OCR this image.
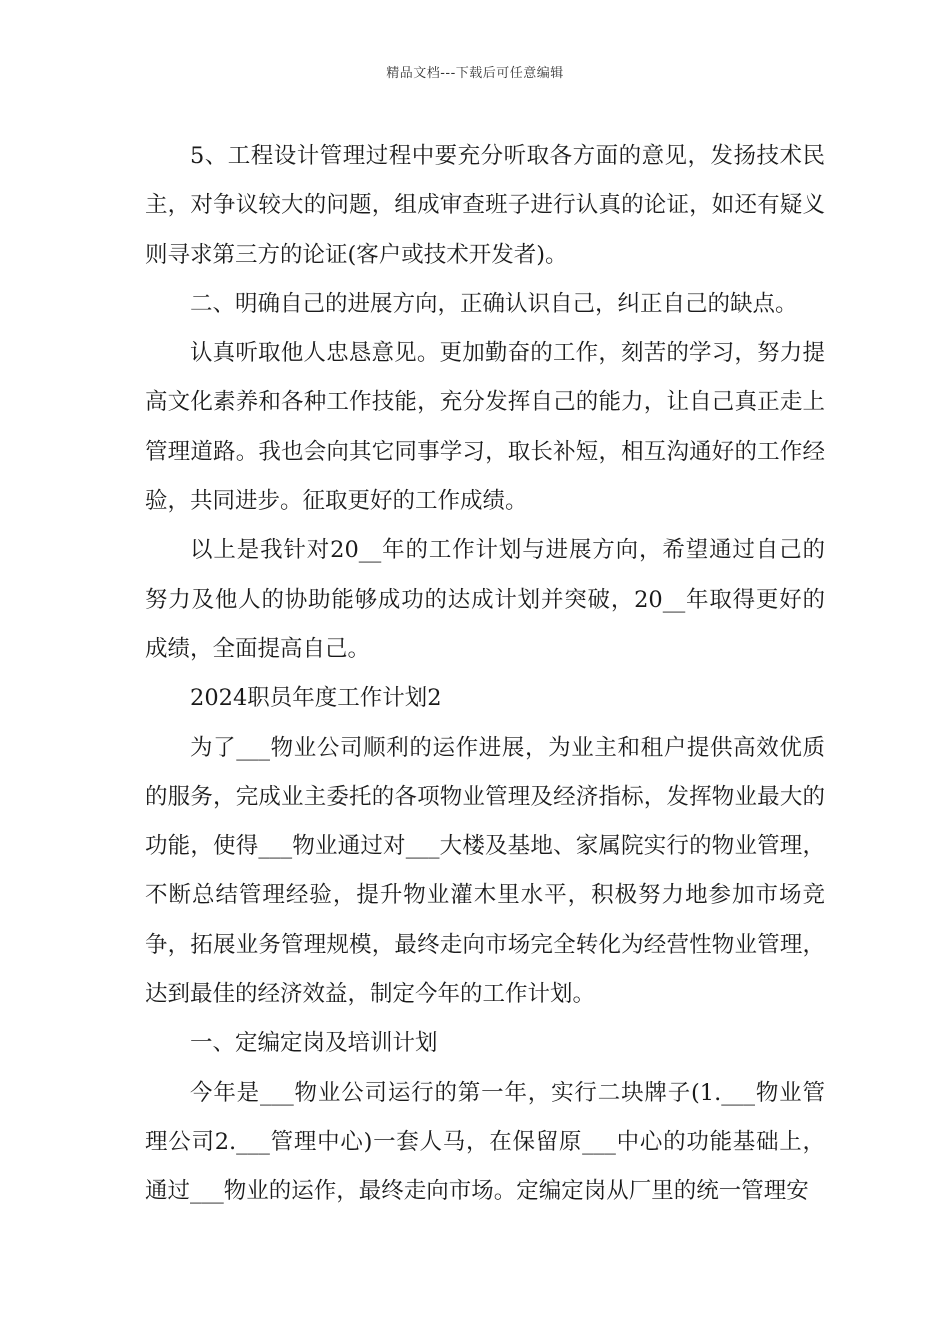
精品文档---下载后可任意编辑

5、工程设计管理过程中要充分听取各方面的意见，发扬技术民主，对争议较大的问题，组成审查班子进行认真的论证，如还有疑义则寻求第三方的论证(客户或技术开发者)。

二、明确自己的进展方向，正确认识自己，纠正自己的缺点。

认真听取他人忠恳意见。更加勤奋的工作，刻苦的学习，努力提高文化素养和各种工作技能，充分发挥自己的能力，让自己真正走上管理道路。我也会向其它同事学习，取长补短，相互沟通好的工作经验，共同进步。征取更好的工作成绩。

以上是我针对20__年的工作计划与进展方向，希望通过自己的努力及他人的协助能够成功的达成计划并突破，20__年取得更好的成绩，全面提高自己。

2024职员年度工作计划2

为了___物业公司顺利的运作进展，为业主和租户提供高效优质的服务，完成业主委托的各项物业管理及经济指标，发挥物业最大的功能，使得___物业通过对___大楼及基地、家属院实行的物业管理，不断总结管理经验，提升物业灌木里水平，积极努力地参加市场竞争，拓展业务管理规模，最终走向市场完全转化为经营性物业管理，达到最佳的经济效益，制定今年的工作计划。

一、定编定岗及培训计划

今年是___物业公司运行的第一年，实行二块牌子(1.___物业管理公司2.___管理中心)一套人马，在保留原___中心的功能基础上，通过___物业的运作，最终走向市场。定编定岗从厂里的统一管理安
